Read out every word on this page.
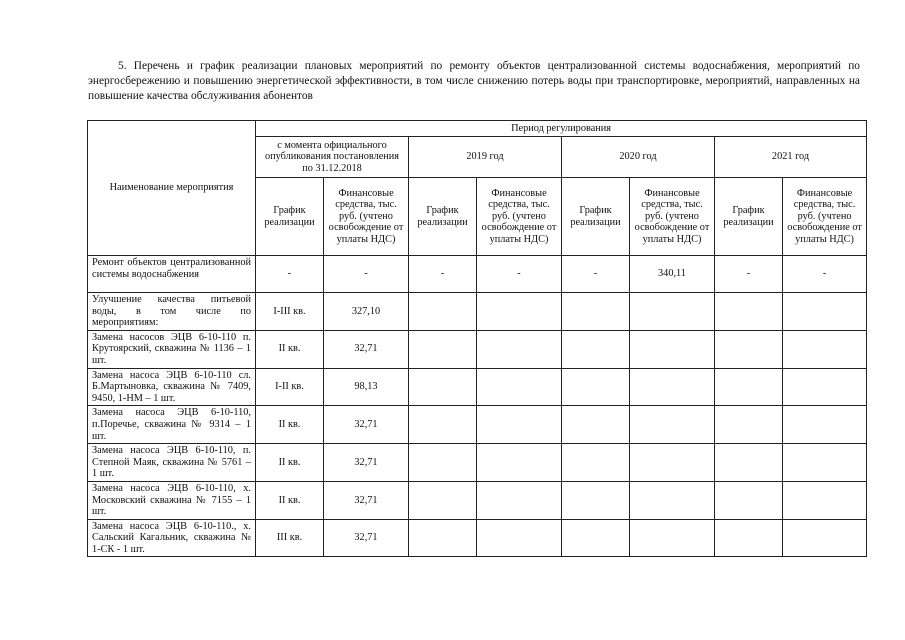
5. Перечень и график реализации плановых мероприятий по ремонту объектов централизованной системы водоснабжения, мероприятий по энергосбережению и повышению энергетической эффективности, в том числе снижению потерь воды при транспортировке, мероприятий, направленных на повышение качества обслуживания абонентов

Наименование мероприятия	Период регулирования							
	с момента официального опубликования постановления по 31.12.2018		2019 год		2020 год		2021 год	
	График реализации	Финансовые средства, тыс. руб. (учтено освобождение от уплаты НДС)	График реализации	Финансовые средства, тыс. руб. (учтено освобождение от уплаты НДС)	График реализации	Финансовые средства, тыс. руб. (учтено освобождение от уплаты НДС)	График реализации	Финансовые средства, тыс. руб. (учтено освобождение от уплаты НДС)
Ремонт объектов централизованной системы водоснабжения	-	-	-	-	-	340,11	-	-
Улучшение качества питьевой воды, в том числе по мероприятиям:	I-III кв.	327,10						
Замена насосов ЭЦВ 6-10-110 п. Крутоярский, скважина № 1136 – 1 шт.	II кв.	32,71						
Замена насоса ЭЦВ 6-10-110 сл. Б.Мартыновка, скважина № 7409, 9450, 1-НМ – 1 шт.	I-II кв.	98,13						
Замена насоса ЭЦВ 6-10-110, п.Поречье, скважина № 9314 – 1 шт.	II кв.	32,71						
Замена насоса ЭЦВ 6-10-110, п. Степной Маяк, скважина № 5761 – 1 шт.	II кв.	32,71						
Замена насоса ЭЦВ 6-10-110, х. Московский скважина № 7155 – 1 шт.	II кв.	32,71						
Замена насоса ЭЦВ 6-10-110., х. Сальский Кагальник, скважина № 1-СК - 1 шт.	III кв.	32,71						
